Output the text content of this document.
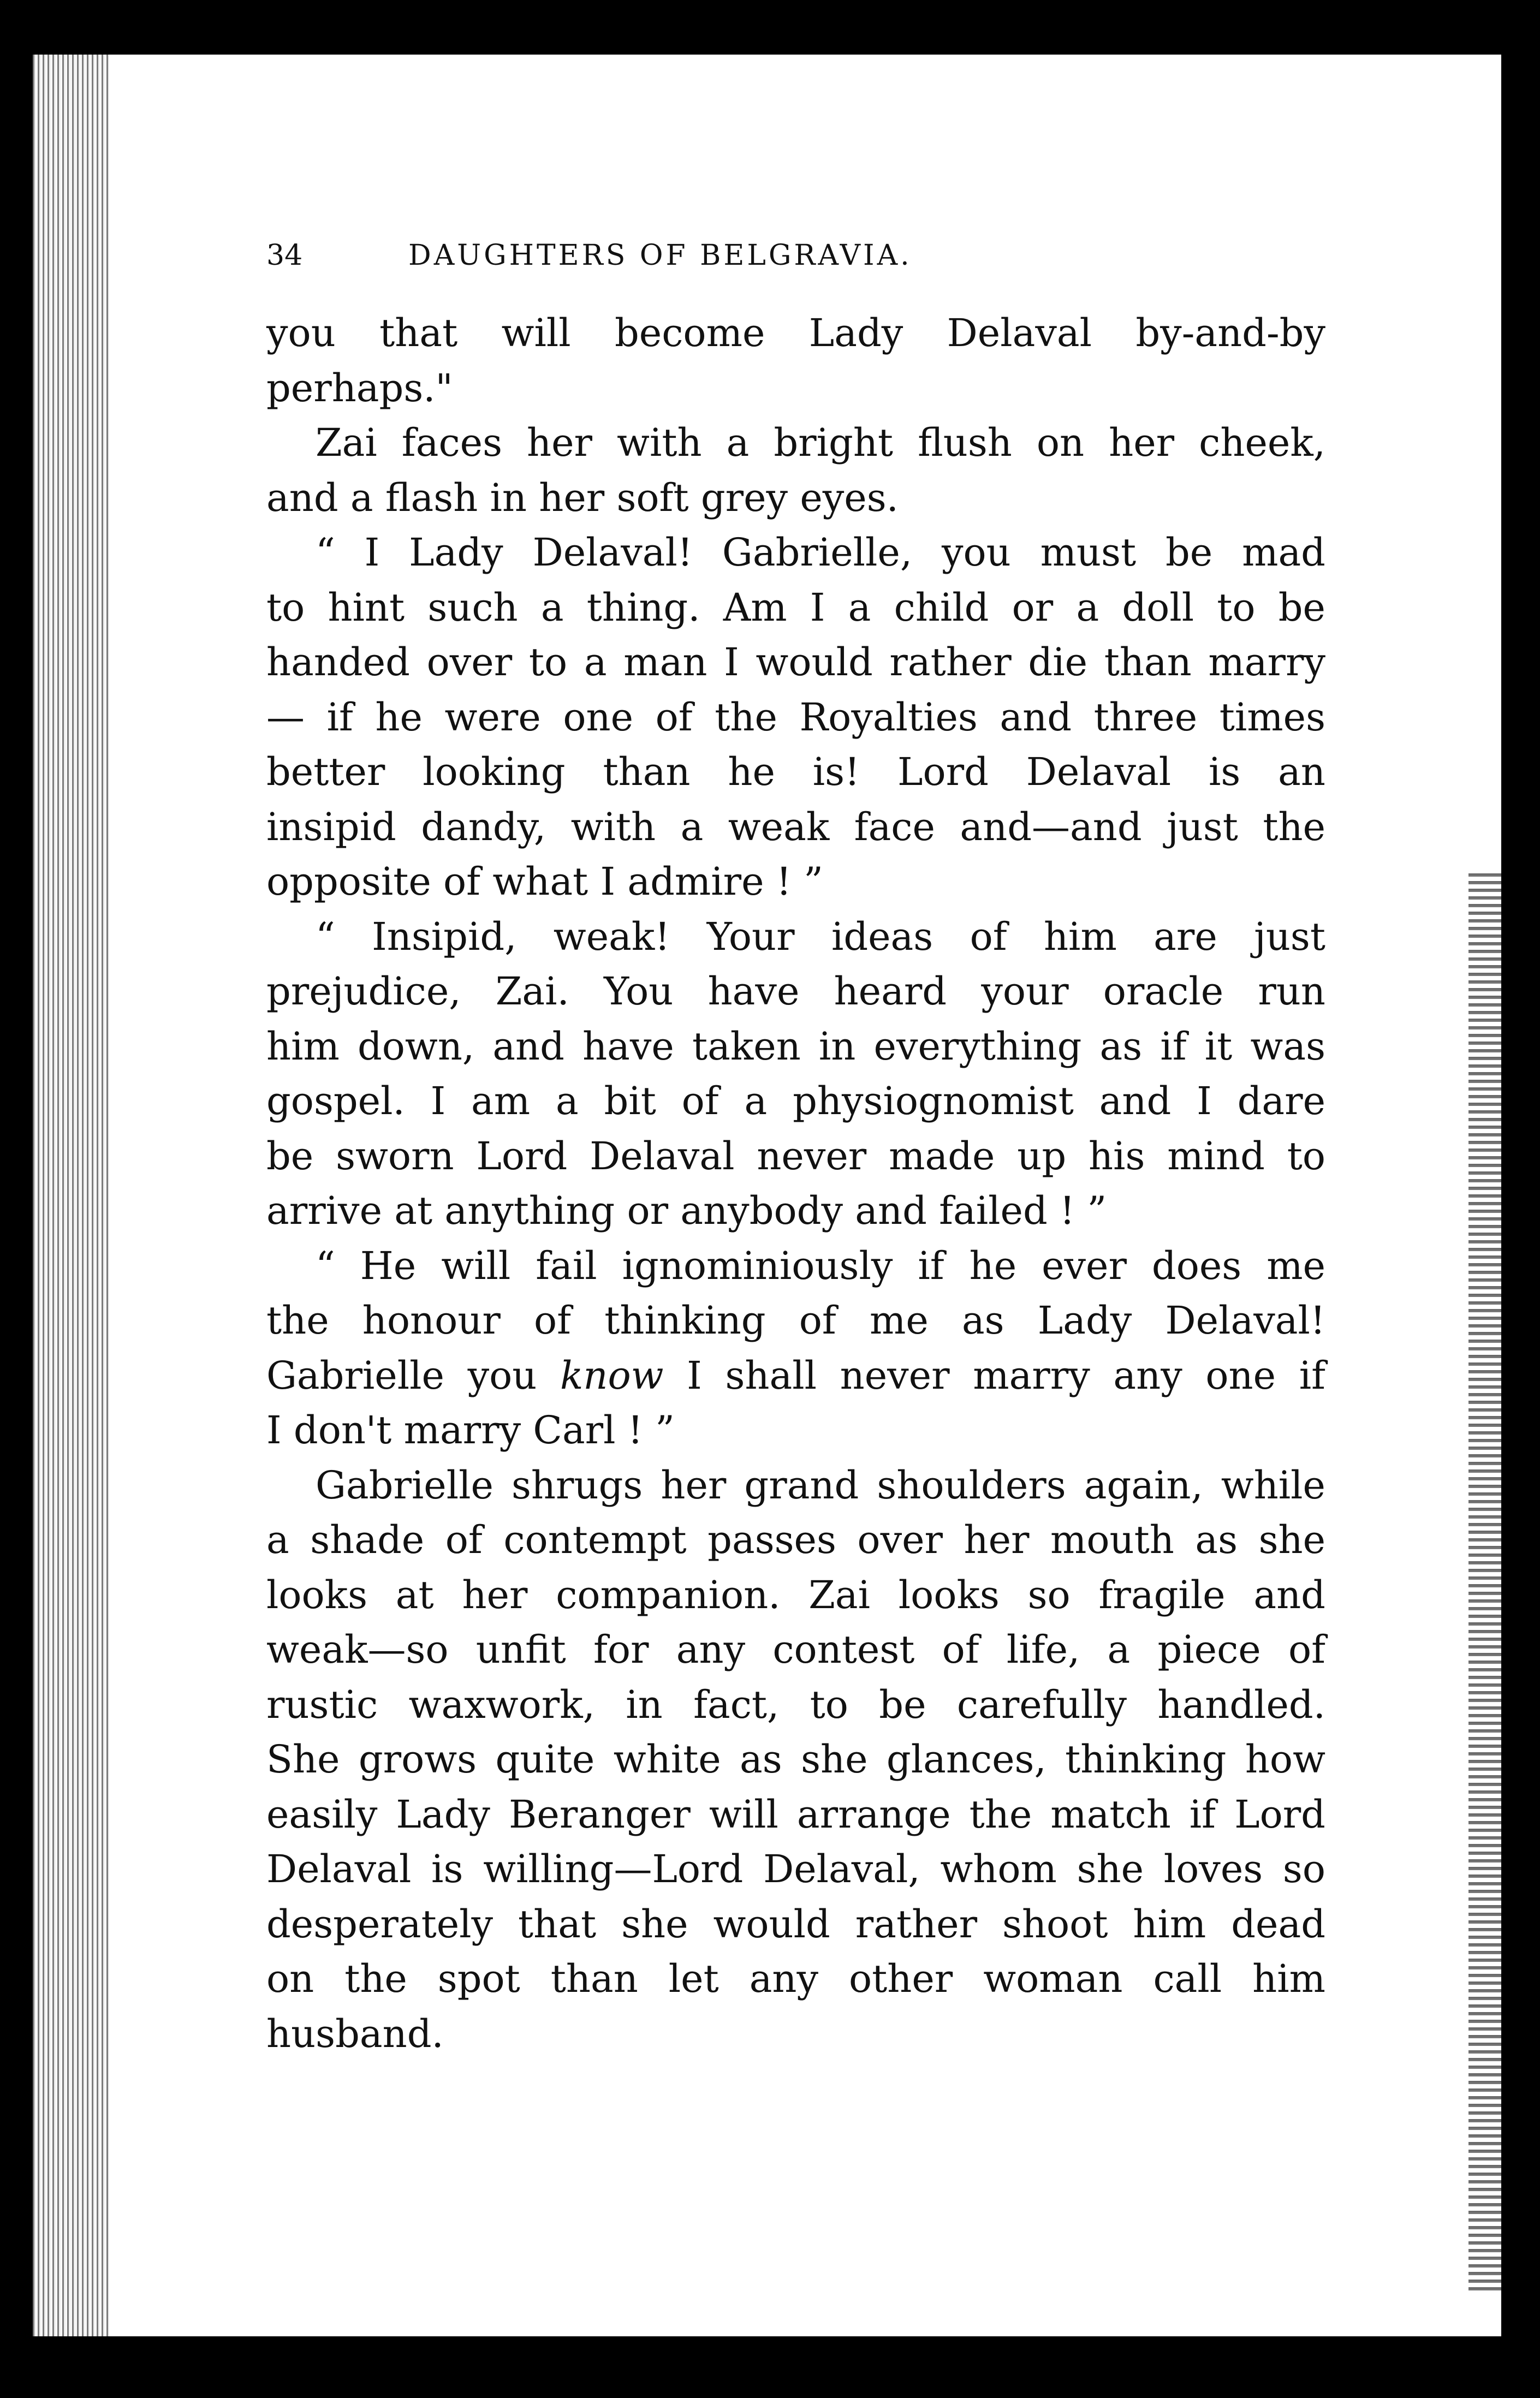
34	DAUGHTERS OF BELGRAVIA.
you that will become Lady Delaval by-and-by
perhaps."
Zai faces her with a bright flush on her cheek,
and a flash in her soft grey eyes.
“ I Lady Delaval! Gabrielle, you must be mad
to hint such a thing. Am I a child or a doll to be
handed over to a man I would rather die than marry
— if he were one of the Royalties and three times
better looking than he is! Lord Delaval is an
insipid dandy, with a weak face and—and just the
opposite of what I admire ! ”
“ Insipid, weak! Your ideas of him are just
prejudice, Zai. You have heard your oracle run
him down, and have taken in everything as if it was
gospel. I am a bit of a physiognomist and I dare
be sworn Lord Delaval never made up his mind to
arrive at anything or anybody and failed ! ”
“ He will fail ignominiously if he ever does me
the honour of thinking of me as Lady Delaval!
Gabrielle you know I shall never marry any one if
I don't marry Carl ! ”
Gabrielle shrugs her grand shoulders again, while
a shade of contempt passes over her mouth as she
looks at her companion. Zai looks so fragile and
weak—so unfit for any contest of life, a piece of
rustic waxwork, in fact, to be carefully handled.
She grows quite white as she glances, thinking how
easily Lady Beranger will arrange the match if Lord
Delaval is willing—Lord Delaval, whom she loves so
desperately that she would rather shoot him dead
on the spot than let any other woman call him
husband.
